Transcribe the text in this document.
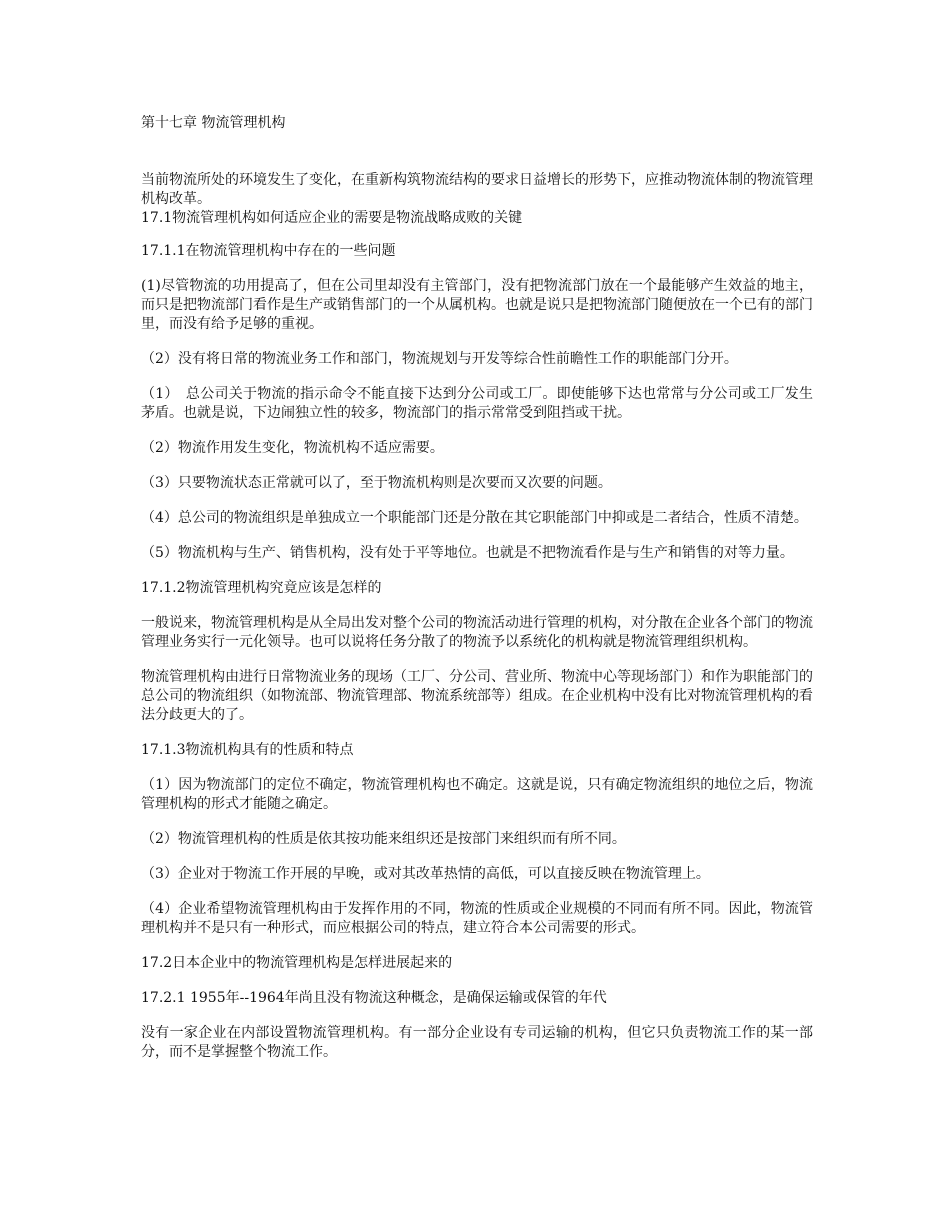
第十七章 物流管理机构

当前物流所处的环境发生了变化，在重新构筑物流结构的要求日益增长的形势下，应推动物流体制的物流管理机构改革。

17.1物流管理机构如何适应企业的需要是物流战略成败的关键

17.1.1在物流管理机构中存在的一些问题

(1)尽管物流的功用提高了，但在公司里却没有主管部门，没有把物流部门放在一个最能够产生效益的地主，而只是把物流部门看作是生产或销售部门的一个从属机构。也就是说只是把物流部门随便放在一个已有的部门里，而没有给予足够的重视。

（2）没有将日常的物流业务工作和部门，物流规划与开发等综合性前瞻性工作的职能部门分开。

（1）　总公司关于物流的指示命令不能直接下达到分公司或工厂。即使能够下达也常常与分公司或工厂发生茅盾。也就是说，下边闹独立性的较多，物流部门的指示常常受到阻挡或干扰。

（2）物流作用发生变化，物流机构不适应需要。

（3）只要物流状态正常就可以了，至于物流机构则是次要而又次要的问题。

（4）总公司的物流组织是单独成立一个职能部门还是分散在其它职能部门中抑或是二者结合，性质不清楚。

（5）物流机构与生产、销售机构，没有处于平等地位。也就是不把物流看作是与生产和销售的对等力量。

17.1.2物流管理机构究竟应该是怎样的

一般说来，物流管理机构是从全局出发对整个公司的物流活动进行管理的机构，对分散在企业各个部门的物流管理业务实行一元化领导。也可以说将任务分散了的物流予以系统化的机构就是物流管理组织机构。

物流管理机构由进行日常物流业务的现场（工厂、分公司、营业所、物流中心等现场部门）和作为职能部门的总公司的物流组织（如物流部、物流管理部、物流系统部等）组成。在企业机构中没有比对物流管理机构的看法分歧更大的了。

17.1.3物流机构具有的性质和特点

（1）因为物流部门的定位不确定，物流管理机构也不确定。这就是说，只有确定物流组织的地位之后，物流管理机构的形式才能随之确定。

（2）物流管理机构的性质是依其按功能来组织还是按部门来组织而有所不同。

（3）企业对于物流工作开展的早晚，或对其改革热情的高低，可以直接反映在物流管理上。

（4）企业希望物流管理机构由于发挥作用的不同，物流的性质或企业规模的不同而有所不同。因此，物流管理机构并不是只有一种形式，而应根据公司的特点，建立符合本公司需要的形式。

17.2日本企业中的物流管理机构是怎样进展起来的

17.2.1 1955年--1964年尚且没有物流这种概念，是确保运输或保管的年代

没有一家企业在内部设置物流管理机构。有一部分企业设有专司运输的机构，但它只负责物流工作的某一部分，而不是掌握整个物流工作。
